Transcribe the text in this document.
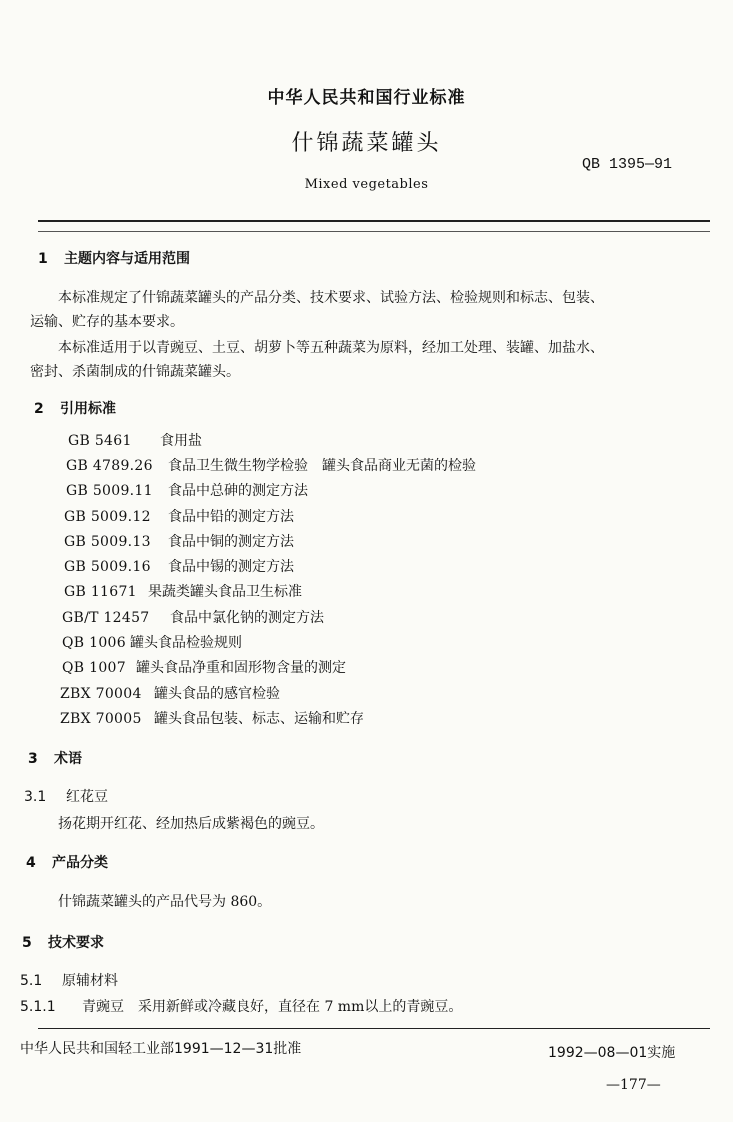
中华人民共和国行业标准
什锦蔬菜罐头
QB 1395—91
Mixed vegetables
1 主题内容与适用范围
本标准规定了什锦蔬菜罐头的产品分类、技术要求、试验方法、检验规则和标志、包装、
运输、贮存的基本要求。
本标准适用于以青豌豆、土豆、胡萝卜等五种蔬菜为原料，经加工处理、装罐、加盐水、
密封、杀菌制成的什锦蔬菜罐头。
2 引用标准
GB 5461 食用盐
GB 4789.26 食品卫生微生物学检验　罐头食品商业无菌的检验
GB 5009.11 食品中总砷的测定方法
GB 5009.12 食品中铅的测定方法
GB 5009.13 食品中铜的测定方法
GB 5009.16 食品中锡的测定方法
GB 11671 果蔬类罐头食品卫生标准
GB/T 12457 食品中氯化钠的测定方法
QB 1006 罐头食品检验规则
QB 1007 罐头食品净重和固形物含量的测定
ZBX 70004 罐头食品的感官检验
ZBX 70005 罐头食品包装、标志、运输和贮存
3 术语
3.1 红花豆
扬花期开红花、经加热后成紫褐色的豌豆。
4 产品分类
什锦蔬菜罐头的产品代号为 860。
5 技术要求
5.1 原辅材料
5.1.1 青豌豆　采用新鲜或冷藏良好，直径在 7 mm以上的青豌豆。
中华人民共和国轻工业部1991—12—31批准	1992—08—01实施
—177—
